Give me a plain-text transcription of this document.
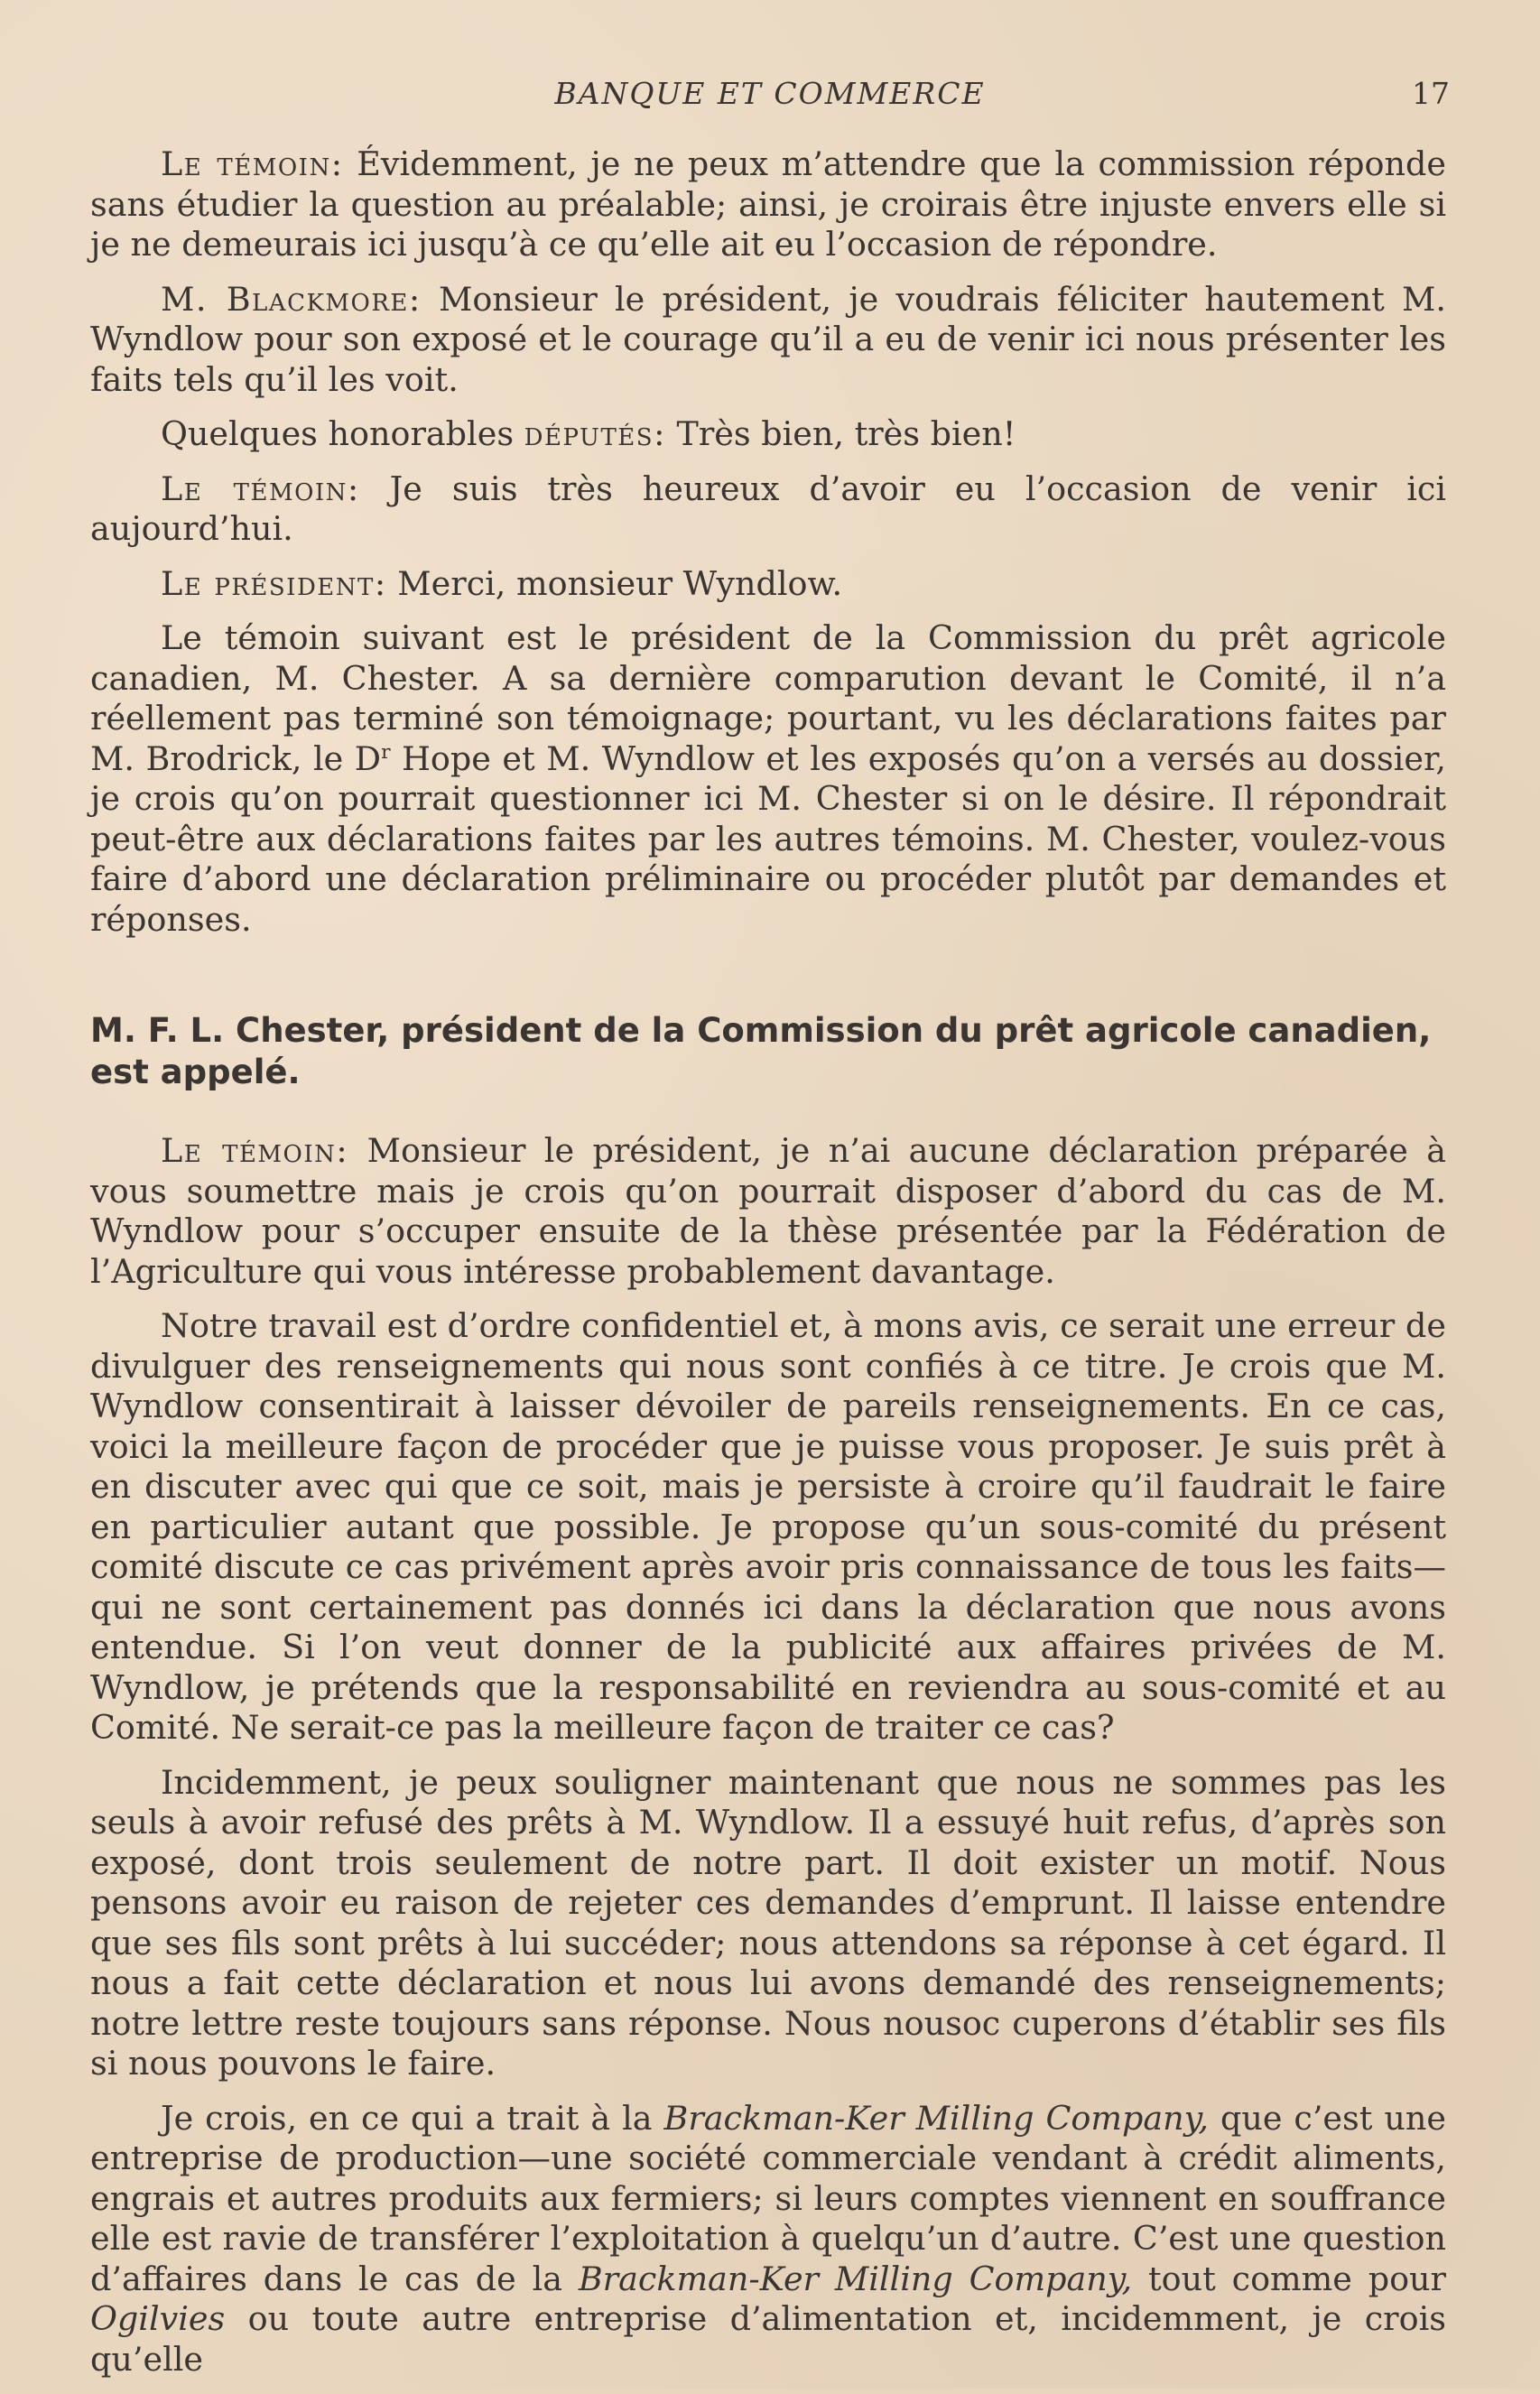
BANQUE ET COMMERCE	17

Le témoin: Évidemment, je ne peux m’attendre que la commission réponde sans étudier la question au préalable; ainsi, je croirais être injuste envers elle si je ne demeurais ici jusqu’à ce qu’elle ait eu l’occasion de répondre.

M. Blackmore: Monsieur le président, je voudrais féliciter hautement M. Wyndlow pour son exposé et le courage qu’il a eu de venir ici nous présenter les faits tels qu’il les voit.

Quelques honorables députés: Très bien, très bien!

Le témoin: Je suis très heureux d’avoir eu l’occasion de venir ici aujourd’hui.

Le président: Merci, monsieur Wyndlow.

Le témoin suivant est le président de la Commission du prêt agricole canadien, M. Chester. A sa dernière comparution devant le Comité, il n’a réellement pas terminé son témoignage; pourtant, vu les déclarations faites par M. Brodrick, le $D^r$ Hope et M. Wyndlow et les exposés qu’on a versés au dossier, je crois qu’on pourrait questionner ici M. Chester si on le désire. Il répondrait peut-être aux déclarations faites par les autres témoins. M. Chester, voulez-vous faire d’abord une déclaration préliminaire ou procéder plutôt par demandes et réponses.

M. F. L. Chester, président de la Commission du prêt agricole canadien, est appelé.

Le témoin: Monsieur le président, je n’ai aucune déclaration préparée à vous soumettre mais je crois qu’on pourrait disposer d’abord du cas de M. Wyndlow pour s’occuper ensuite de la thèse présentée par la Fédération de l’Agriculture qui vous intéresse probablement davantage.

Notre travail est d’ordre confidentiel et, à mons avis, ce serait une erreur de divulguer des renseignements qui nous sont confiés à ce titre. Je crois que M. Wyndlow consentirait à laisser dévoiler de pareils renseignements. En ce cas, voici la meilleure façon de procéder que je puisse vous proposer. Je suis prêt à en discuter avec qui que ce soit, mais je persiste à croire qu’il faudrait le faire en particulier autant que possible. Je propose qu’un sous-comité du présent comité discute ce cas privément après avoir pris connaissance de tous les faits—qui ne sont certainement pas donnés ici dans la déclaration que nous avons entendue. Si l’on veut donner de la publicité aux affaires privées de M. Wyndlow, je prétends que la responsabilité en reviendra au sous-comité et au Comité. Ne serait-ce pas la meilleure façon de traiter ce cas?

Incidemment, je peux souligner maintenant que nous ne sommes pas les seuls à avoir refusé des prêts à M. Wyndlow. Il a essuyé huit refus, d’après son exposé, dont trois seulement de notre part. Il doit exister un motif. Nous pensons avoir eu raison de rejeter ces demandes d’emprunt. Il laisse entendre que ses fils sont prêts à lui succéder; nous attendons sa réponse à cet égard. Il nous a fait cette déclaration et nous lui avons demandé des renseignements; notre lettre reste toujours sans réponse. Nous nousoc cuperons d’établir ses fils si nous pouvons le faire.

Je crois, en ce qui a trait à la Brackman-Ker Milling Company, que c’est une entreprise de production—une société commerciale vendant à crédit aliments, engrais et autres produits aux fermiers; si leurs comptes viennent en souffrance elle est ravie de transférer l’exploitation à quelqu’un d’autre. C’est une question d’affaires dans le cas de la Brackman-Ker Milling Company, tout comme pour Ogilvies ou toute autre entreprise d’alimentation et, incidemment, je crois qu’elle
